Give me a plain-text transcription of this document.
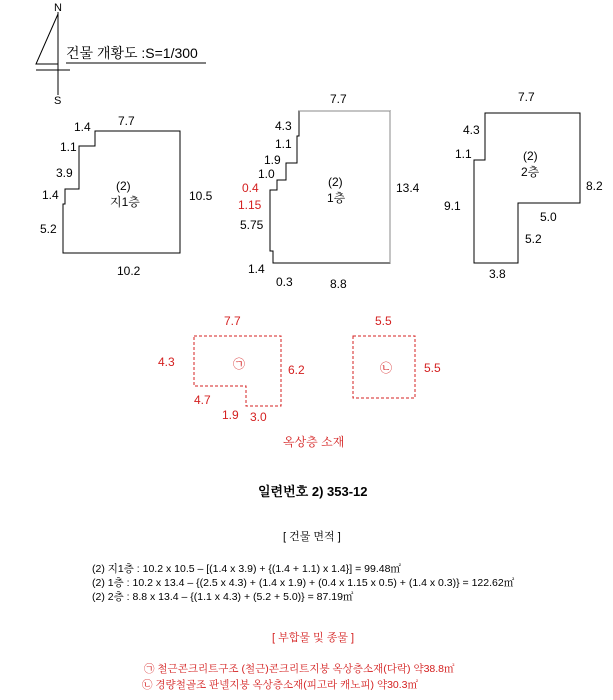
N
S
건물 개황도 :S=1/300
7.7
1.4
1.1
3.9
1.4
5.2
10.5
10.2
(2)
지1층
7.7
4.3
1.1
1.9
1.0
0.4
1.15
5.75
13.4
1.4
0.3	8.8
(2)
1층
7.7
4.3
1.1
9.1
8.2
5.0
5.2
3.8
(2)
2층
7.7
4.3
6.2
4.7
1.9 3.0
㉠
5.5
5.5
㉡
옥상층 소재
일련번호 2) 353-12
[ 건물 면적 ]
(2) 지1층 : 10.2 x 10.5 – [(1.4 x 3.9) + {(1.4 + 1.1) x 1.4}] = 99.48㎡
(2) 1층 : 10.2 x 13.4 – {(2.5 x 4.3) + (1.4 x 1.9) + (0.4 x 1.15 x 0.5) + (1.4 x 0.3)} = 122.62㎡
(2) 2층 : 8.8 x 13.4 – {(1.1 x 4.3) + (5.2 + 5.0)} = 87.19㎡
[ 부합물 및 종물 ]
㉠ 철근콘크리트구조 (철근)콘크리트지붕 옥상층소재(다락) 약38.8㎡
㉡ 경량철골조 판넬지붕 옥상층소재(피고라 캐노피) 약30.3㎡
